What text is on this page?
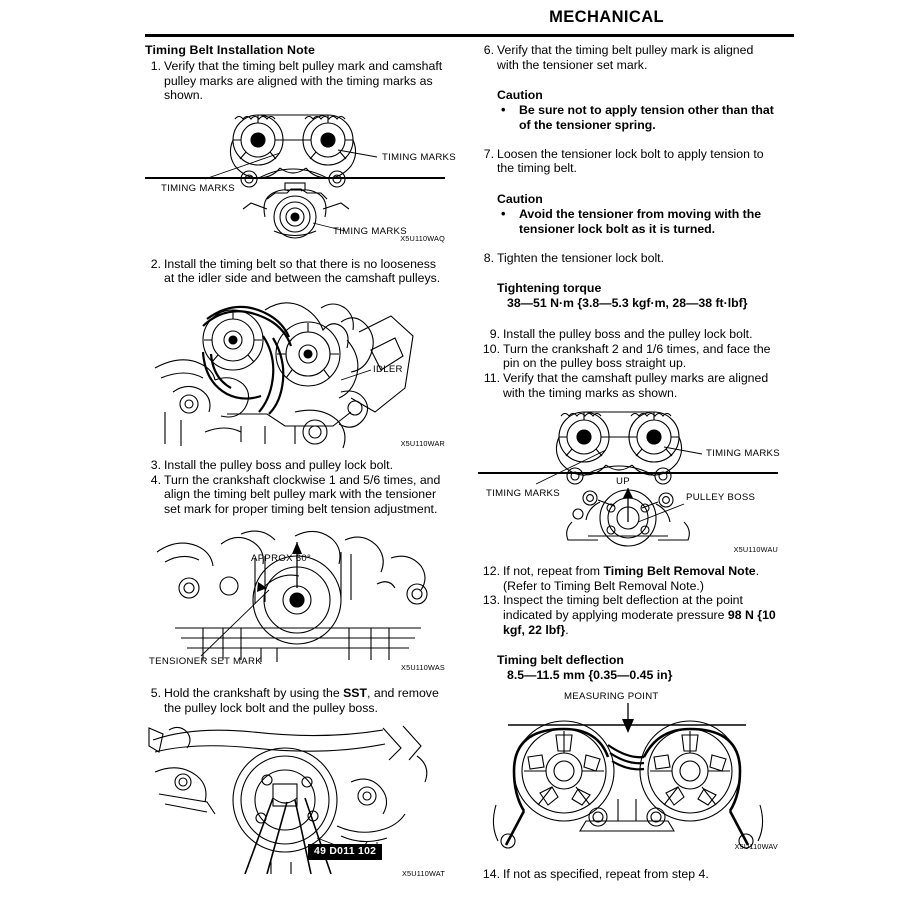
MECHANICAL
Timing Belt Installation Note
1. Verify that the timing belt pulley mark and camshaft pulley marks are aligned with the timing marks as shown.
TIMING MARKS
TIMING MARKS
TIMING MARKS
X5U110WAQ
2. Install the timing belt so that there is no looseness at the idler side and between the camshaft pulleys.
IDLER
X5U110WAR
3. Install the pulley boss and pulley lock bolt.
4. Turn the crankshaft clockwise 1 and 5/6 times, and align the timing belt pulley mark with the tensioner set mark for proper timing belt tension adjustment.
APPROX 60°
TENSIONER SET MARK
X5U110WAS
5. Hold the crankshaft by using the SST, and remove the pulley lock bolt and the pulley boss.
49 D011 102
X5U110WAT
6. Verify that the timing belt pulley mark is aligned with the tensioner set mark.
Caution
• Be sure not to apply tension other than that of the tensioner spring.
7. Loosen the tensioner lock bolt to apply tension to the timing belt.
Caution
• Avoid the tensioner from moving with the tensioner lock bolt as it is turned.
8. Tighten the tensioner lock bolt.
Tightening torque
38—51 N·m {3.8—5.3 kgf·m, 28—38 ft·lbf}
9. Install the pulley boss and the pulley lock bolt.
10. Turn the crankshaft 2 and 1/6 times, and face the pin on the pulley boss straight up.
11. Verify that the camshaft pulley marks are aligned with the timing marks as shown.
TIMING MARKS
TIMING MARKS
UP
PULLEY BOSS
X5U110WAU
12. If not, repeat from Timing Belt Removal Note.
(Refer to Timing Belt Removal Note.)
13. Inspect the timing belt deflection at the point indicated by applying moderate pressure 98 N {10 kgf, 22 lbf}.
Timing belt deflection
8.5—11.5 mm {0.35—0.45 in}
MEASURING POINT
X5U110WAV
14. If not as specified, repeat from step 4.
